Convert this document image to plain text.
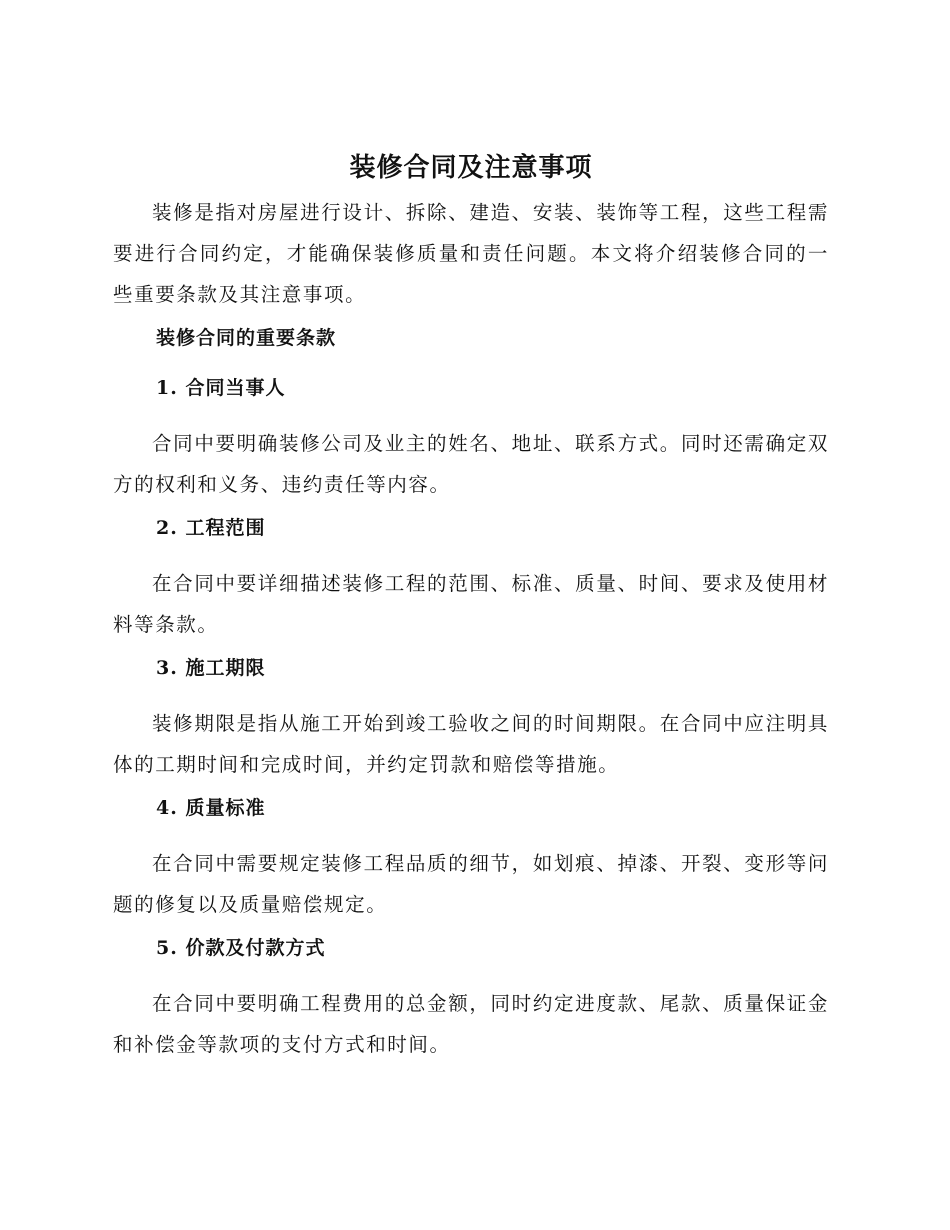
装修合同及注意事项

装修是指对房屋进行设计、拆除、建造、安装、装饰等工程，这些工程需要进行合同约定，才能确保装修质量和责任问题。本文将介绍装修合同的一些重要条款及其注意事项。

装修合同的重要条款
1. 合同当事人

合同中要明确装修公司及业主的姓名、地址、联系方式。同时还需确定双方的权利和义务、违约责任等内容。

2. 工程范围

在合同中要详细描述装修工程的范围、标准、质量、时间、要求及使用材料等条款。

3. 施工期限

装修期限是指从施工开始到竣工验收之间的时间期限。在合同中应注明具体的工期时间和完成时间，并约定罚款和赔偿等措施。

4. 质量标准

在合同中需要规定装修工程品质的细节，如划痕、掉漆、开裂、变形等问题的修复以及质量赔偿规定。

5. 价款及付款方式

在合同中要明确工程费用的总金额，同时约定进度款、尾款、质量保证金和补偿金等款项的支付方式和时间。
